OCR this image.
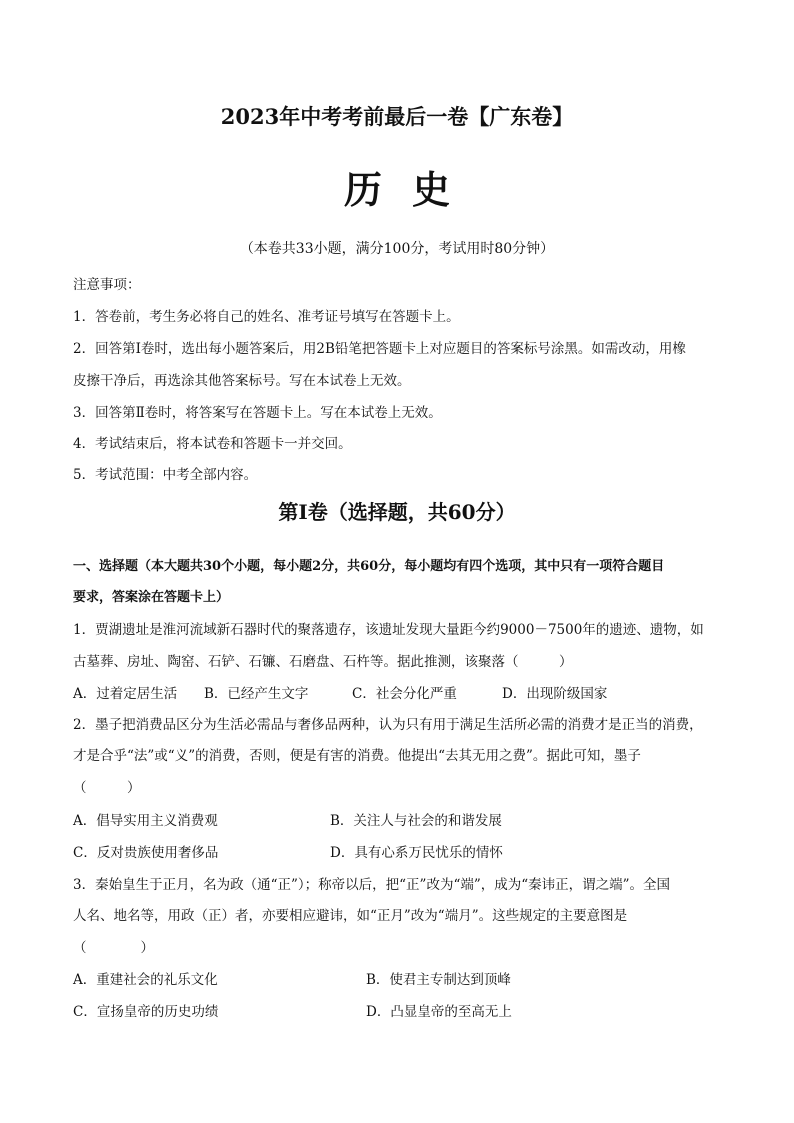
2023年中考考前最后一卷【广东卷】
历史
（本卷共33小题，满分100分，考试用时80分钟）
注意事项：
1．答卷前，考生务必将自己的姓名、准考证号填写在答题卡上。
2．回答第Ⅰ卷时，选出每小题答案后，用2B铅笔把答题卡上对应题目的答案标号涂黑。如需改动，用橡
皮擦干净后，再选涂其他答案标号。写在本试卷上无效。
3．回答第Ⅱ卷时，将答案写在答题卡上。写在本试卷上无效。
4．考试结束后，将本试卷和答题卡一并交回。
5．考试范围：中考全部内容。
第Ⅰ卷（选择题，共60分）
一、选择题（本大题共30个小题，每小题2分，共60分，每小题均有四个选项，其中只有一项符合题目
要求，答案涂在答题卡上）
1．贾湖遗址是淮河流域新石器时代的聚落遗存，该遗址发现大量距今约9000－7500年的遗迹、遗物，如
古墓葬、房址、陶窑、石铲、石镰、石磨盘、石杵等。据此推测，该聚落（　　　）
A．过着定居生活 B．已经产生文字	C．社会分化严重	D．出现阶级国家
2．墨子把消费品区分为生活必需品与奢侈品两种，认为只有用于满足生活所必需的消费才是正当的消费，
才是合乎“法”或“义”的消费，否则，便是有害的消费。他提出“去其无用之费”。据此可知，墨子
（　　　）
A．倡导实用主义消费观	B．关注人与社会的和谐发展
C．反对贵族使用奢侈品	D．具有心系万民忧乐的情怀
3．秦始皇生于正月，名为政（通“正”）；称帝以后，把“正”改为“端”，成为“秦讳正，谓之端”。全国
人名、地名等，用政（正）者，亦要相应避讳，如“正月”改为“端月”。这些规定的主要意图是
（　　　　）
A．重建社会的礼乐文化	B．使君主专制达到顶峰
C．宣扬皇帝的历史功绩	D．凸显皇帝的至高无上
